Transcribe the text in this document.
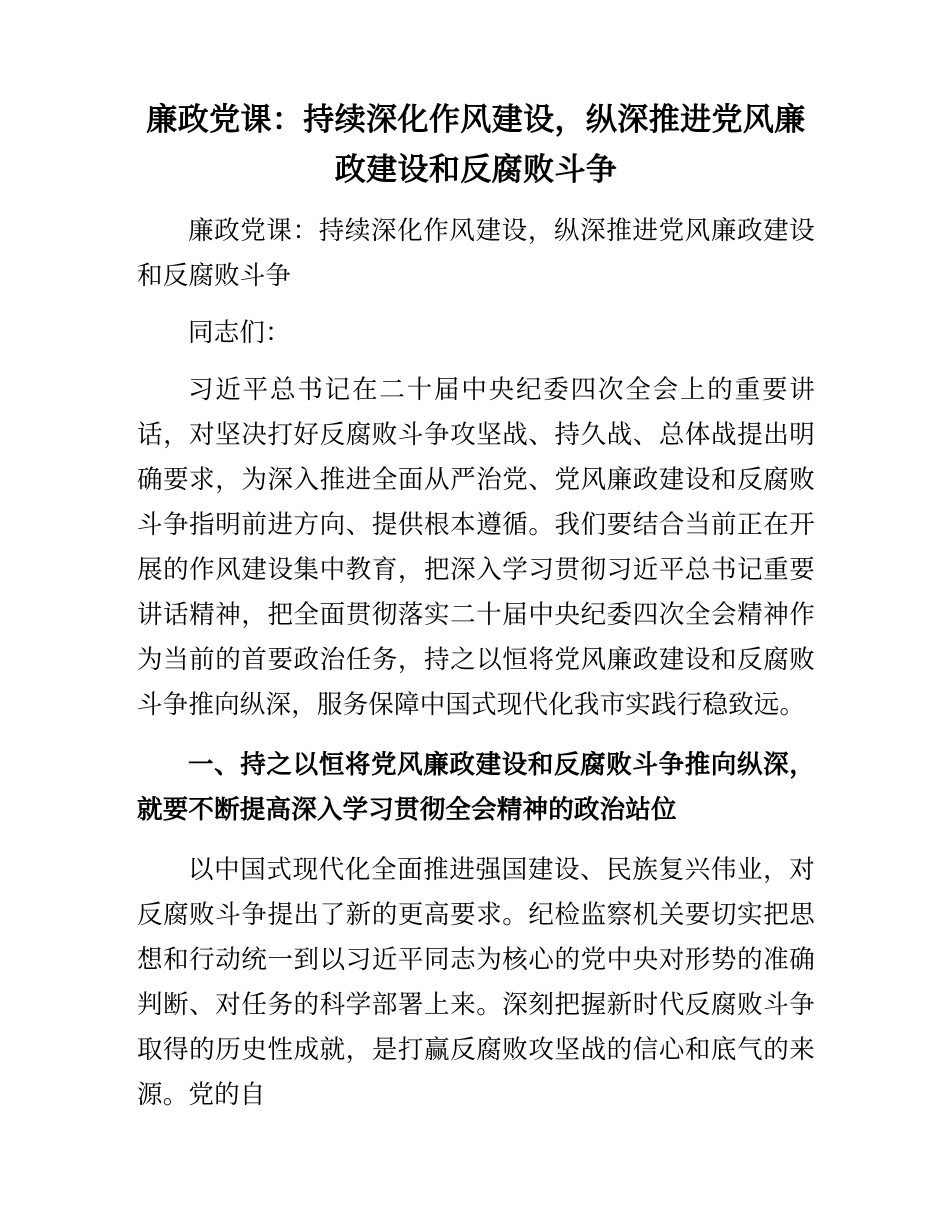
廉政党课：持续深化作风建设，纵深推进党风廉政建设和反腐败斗争

廉政党课：持续深化作风建设，纵深推进党风廉政建设和反腐败斗争

同志们：

习近平总书记在二十届中央纪委四次全会上的重要讲话，对坚决打好反腐败斗争攻坚战、持久战、总体战提出明确要求，为深入推进全面从严治党、党风廉政建设和反腐败斗争指明前进方向、提供根本遵循。我们要结合当前正在开展的作风建设集中教育，把深入学习贯彻习近平总书记重要讲话精神，把全面贯彻落实二十届中央纪委四次全会精神作为当前的首要政治任务，持之以恒将党风廉政建设和反腐败斗争推向纵深，服务保障中国式现代化我市实践行稳致远。

一、持之以恒将党风廉政建设和反腐败斗争推向纵深，就要不断提高深入学习贯彻全会精神的政治站位

以中国式现代化全面推进强国建设、民族复兴伟业，对反腐败斗争提出了新的更高要求。纪检监察机关要切实把思想和行动统一到以习近平同志为核心的党中央对形势的准确判断、对任务的科学部署上来。深刻把握新时代反腐败斗争取得的历史性成就，是打赢反腐败攻坚战的信心和底气的来源。党的自
